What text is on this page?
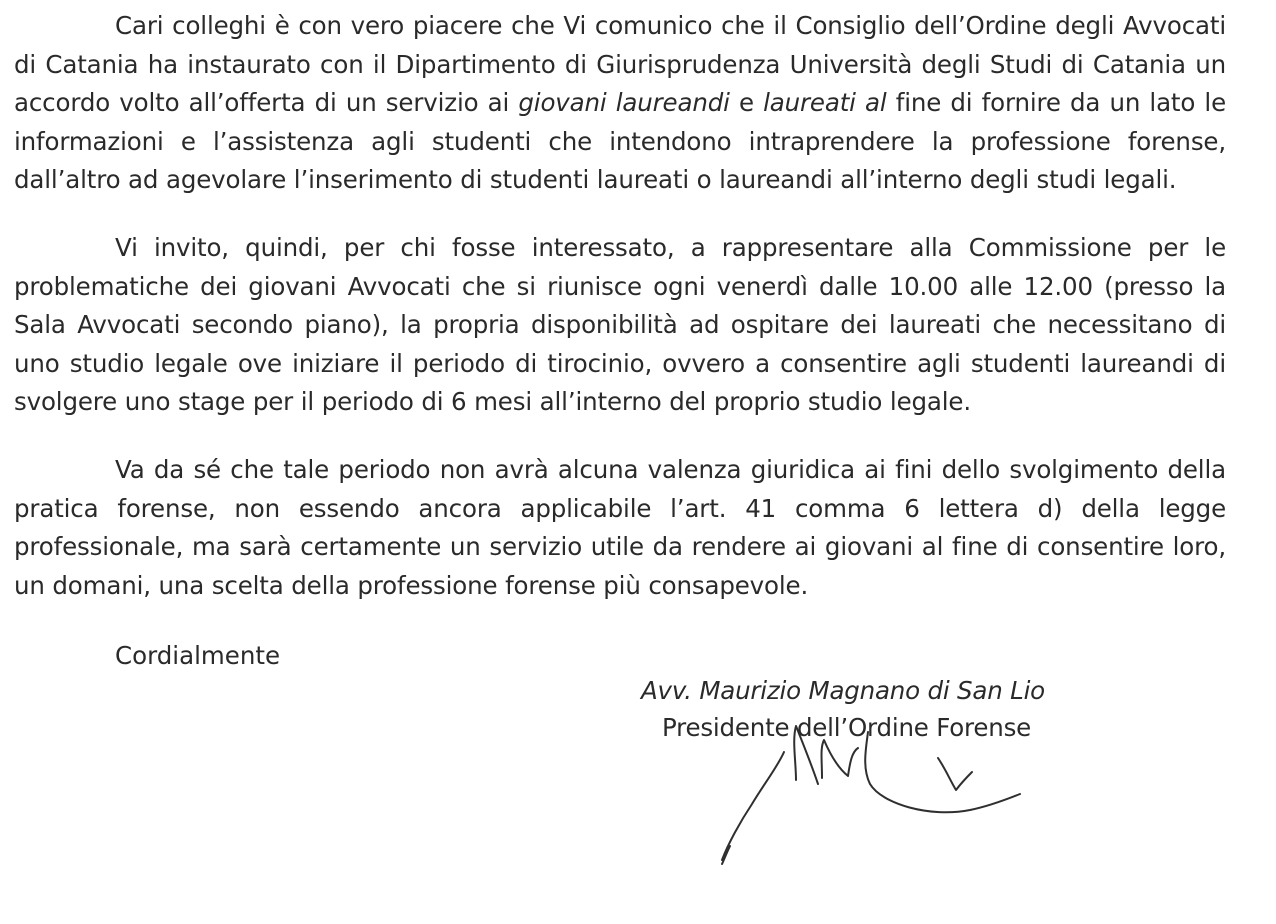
Cari colleghi è con vero piacere che Vi comunico che il Consiglio dell’Ordine degli Avvocati di Catania ha instaurato con il Dipartimento di Giurisprudenza Università degli Studi di Catania un accordo volto all’offerta di un servizio ai giovani laureandi e laureati al fine di fornire da un lato le informazioni e l’assistenza agli studenti che intendono intraprendere la professione forense, dall’altro ad agevolare l’inserimento di studenti laureati o laureandi all’interno degli studi legali.

Vi invito, quindi, per chi fosse interessato, a rappresentare alla Commissione per le problematiche dei giovani Avvocati che si riunisce ogni venerdì dalle 10.00 alle 12.00 (presso la Sala Avvocati secondo piano), la propria disponibilità ad ospitare dei laureati che necessitano di uno studio legale ove iniziare il periodo di tirocinio, ovvero a consentire agli studenti laureandi di svolgere uno stage per il periodo di 6 mesi all’interno del proprio studio legale.

Va da sé che tale periodo non avrà alcuna valenza giuridica ai fini dello svolgimento della pratica forense, non essendo ancora applicabile l’art. 41 comma 6 lettera d) della legge professionale, ma sarà certamente un servizio utile da rendere ai giovani al fine di consentire loro, un domani, una scelta della professione forense più consapevole.

Cordialmente

Avv. Maurizio Magnano di San Lio

Presidente dell’Ordine Forense
